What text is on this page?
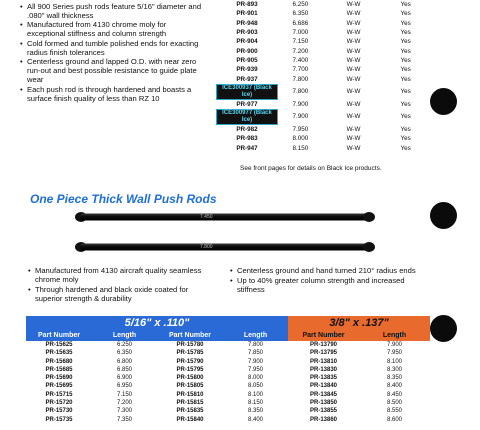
• All 900 Series push rods feature 5/16" diameter and .080" wall thickness
• Manufactured from 4130 chrome moly for exceptional stiffness and column strength
• Cold formed and tumble polished ends for exacting radius finish tolerances
• Centerless ground and lapped O.D. with near zero run-out and best possible resistance to guide plate wear
• Each push rod is through hardened and boasts a surface finish quality of less than RZ 10
PR-893	6.250	W-W	Yes
PR-901	6.350	W-W	Yes
PR-948	6.686	W-W	Yes
PR-903	7.000	W-W	Yes
PR-904	7.150	W-W	Yes
PR-900	7.200	W-W	Yes
PR-905	7.400	W-W	Yes
PR-939	7.700	W-W	Yes
PR-937	7.800	W-W	Yes
ICE300937 (Black Ice)	7.800	W-W	Yes
PR-977	7.900	W-W	Yes
ICE300977 (Black Ice)	7.900	W-W	Yes
PR-982	7.950	W-W	Yes
PR-983	8.000	W-W	Yes
PR-947	8.150	W-W	Yes
See front pages for details on Black Ice products.
One Piece Thick Wall Push Rods
7.450
7.800
• Manufactured from 4130 aircraft quality seamless chrome moly
• Through hardened and black oxide coated for superior strength & durability
• Centerless ground and hand turned 210° radius ends
• Up to 40% greater column strength and increased stiffness
5/16" x .110"	3/8" x .137"
Part Number	Length	Part Number	Length	Part Number	Length
PR-15625	6.250	PR-15780	7.800	PR-13790	7.900
PR-15635	6.350	PR-15785	7.850	PR-13795	7.950
PR-15680	6.800	PR-15790	7.900	PR-13810	8.100
PR-15685	6.850	PR-15795	7.950	PR-13830	8.300
PR-15690	6.900	PR-15800	8.000	PR-13835	8.350
PR-15695	6.950	PR-15805	8.050	PR-13840	8.400
PR-15715	7.150	PR-15810	8.100	PR-13845	8.450
PR-15720	7.200	PR-15815	8.150	PR-13850	8.500
PR-15730	7.300	PR-15835	8.350	PR-13855	8.550
PR-15735	7.350	PR-15840	8.400	PR-13860	8.600
